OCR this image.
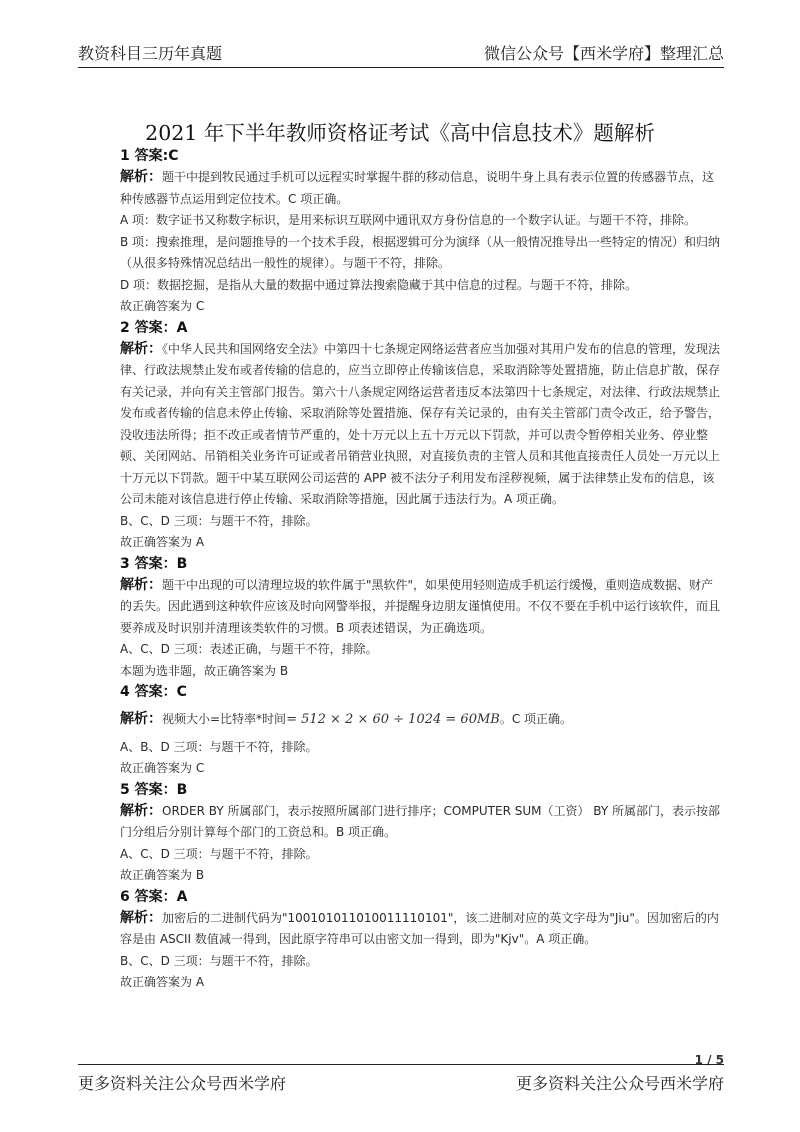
教资科目三历年真题	微信公众号【西米学府】整理汇总
2021 年下半年教师资格证考试《高中信息技术》题解析

1 答案:C

解析：题干中提到牧民通过手机可以远程实时掌握牛群的移动信息，说明牛身上具有表示位置的传感器节点，这种传感器节点运用到定位技术。C 项正确。

A 项：数字证书又称数字标识，是用来标识互联网中通讯双方身份信息的一个数字认证。与题干不符，排除。

B 项：搜索推理，是问题推导的一个技术手段，根据逻辑可分为演绎（从一般情况推导出一些特定的情况）和归纳（从很多特殊情况总结出一般性的规律）。与题干不符，排除。

D 项：数据挖掘，是指从大量的数据中通过算法搜索隐藏于其中信息的过程。与题干不符，排除。

故正确答案为 C

2 答案：A

解析：《中华人民共和国网络安全法》中第四十七条规定网络运营者应当加强对其用户发布的信息的管理，发现法律、行政法规禁止发布或者传输的信息的，应当立即停止传输该信息，采取消除等处置措施，防止信息扩散，保存有关记录，并向有关主管部门报告。第六十八条规定网络运营者违反本法第四十七条规定，对法律、行政法规禁止发布或者传输的信息未停止传输、采取消除等处置措施、保存有关记录的，由有关主管部门责令改正，给予警告，没收违法所得；拒不改正或者情节严重的，处十万元以上五十万元以下罚款，并可以责令暂停相关业务、停业整顿、关闭网站、吊销相关业务许可证或者吊销营业执照，对直接负责的主管人员和其他直接责任人员处一万元以上十万元以下罚款。题干中某互联网公司运营的 APP 被不法分子利用发布淫秽视频，属于法律禁止发布的信息，该公司未能对该信息进行停止传输、采取消除等措施，因此属于违法行为。A 项正确。

B、C、D 三项：与题干不符，排除。

故正确答案为 A

3 答案：B

解析：题干中出现的可以清理垃圾的软件属于"黑软件"，如果使用轻则造成手机运行缓慢，重则造成数据、财产的丢失。因此遇到这种软件应该及时向网警举报，并提醒身边朋友谨慎使用。不仅不要在手机中运行该软件，而且要养成及时识别并清理该类软件的习惯。B 项表述错误，为正确选项。

A、C、D 三项：表述正确，与题干不符，排除。

本题为选非题，故正确答案为 B

4 答案：C

解析：视频大小=比特率*时间= 512 × 2 × 60 ÷ 1024 = 60MB。C 项正确。

A、B、D 三项：与题干不符，排除。

故正确答案为 C

5 答案：B

解析：ORDER BY 所属部门，表示按照所属部门进行排序；COMPUTER SUM（工资） BY 所属部门，表示按部门分组后分别计算每个部门的工资总和。B 项正确。

A、C、D 三项：与题干不符，排除。

故正确答案为 B

6 答案：A

解析：加密后的二进制代码为"100101011010011110101"，该二进制对应的英文字母为"Jiu"。因加密后的内容是由 ASCII 数值减一得到，因此原字符串可以由密文加一得到，即为"Kjv"。A 项正确。

B、C、D 三项：与题干不符，排除。

故正确答案为 A

1 / 5
更多资料关注公众号西米学府	更多资料关注公众号西米学府
